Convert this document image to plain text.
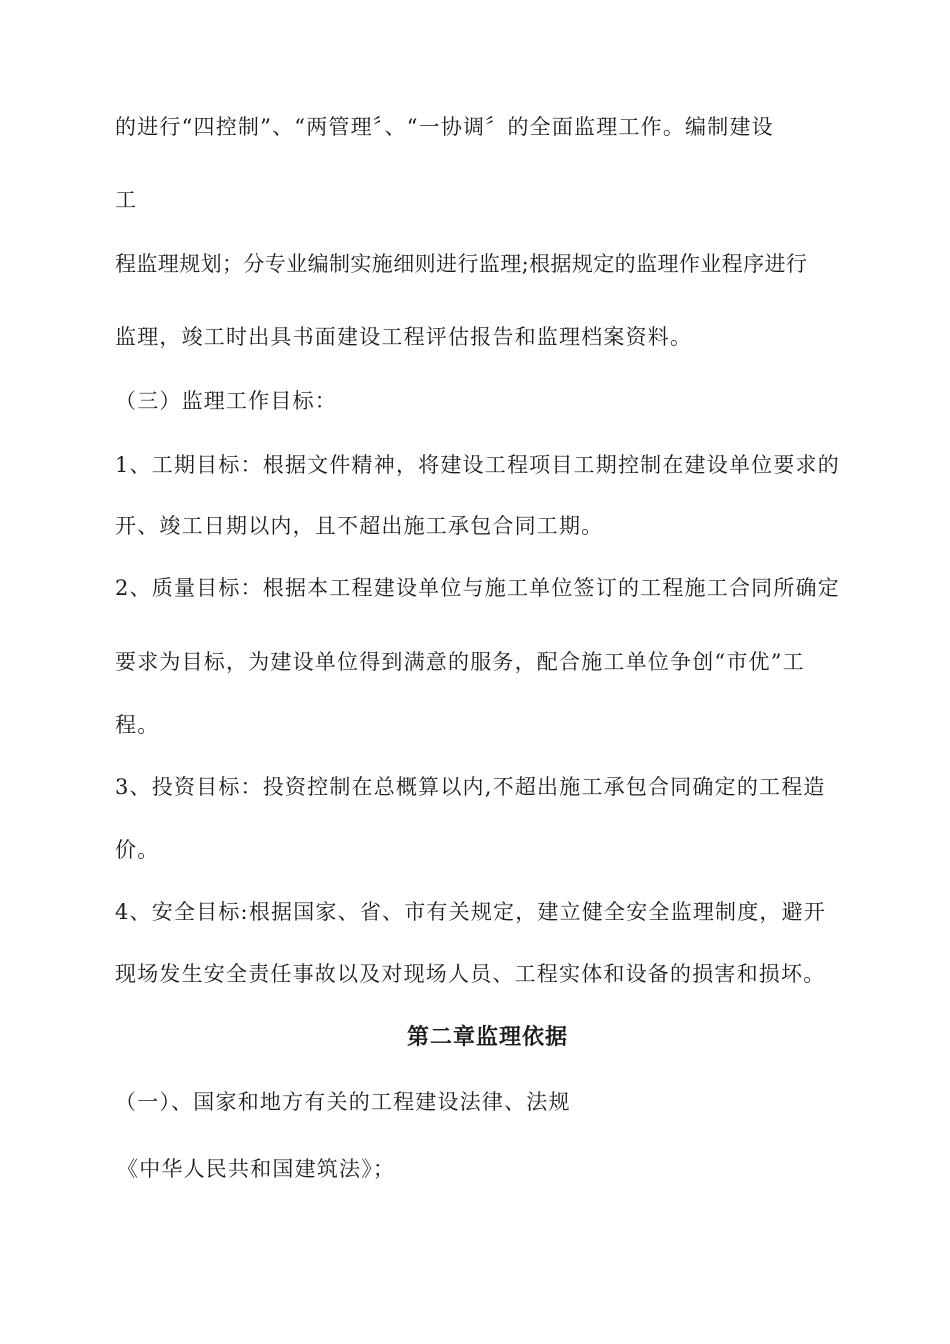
的进行“四控制”、“两管理〞、“一协调〞的全面监理工作。编制建设
工
程监理规划；分专业编制实施细则进行监理;根据规定的监理作业程序进行
监理，竣工时出具书面建设工程评估报告和监理档案资料。
（三）监理工作目标：
1、工期目标：根据文件精神，将建设工程项目工期控制在建设单位要求的
开、竣工日期以内，且不超出施工承包合同工期。
2、质量目标：根据本工程建设单位与施工单位签订的工程施工合同所确定
要求为目标，为建设单位得到满意的服务，配合施工单位争创“市优”工
程。
3、投资目标：投资控制在总概算以内,不超出施工承包合同确定的工程造
价。
4、安全目标:根据国家、省、市有关规定，建立健全安全监理制度，避开
现场发生安全责任事故以及对现场人员、工程实体和设备的损害和损坏。
第二章监理依据
（一）、国家和地方有关的工程建设法律、法规
《中华人民共和国建筑法》；
